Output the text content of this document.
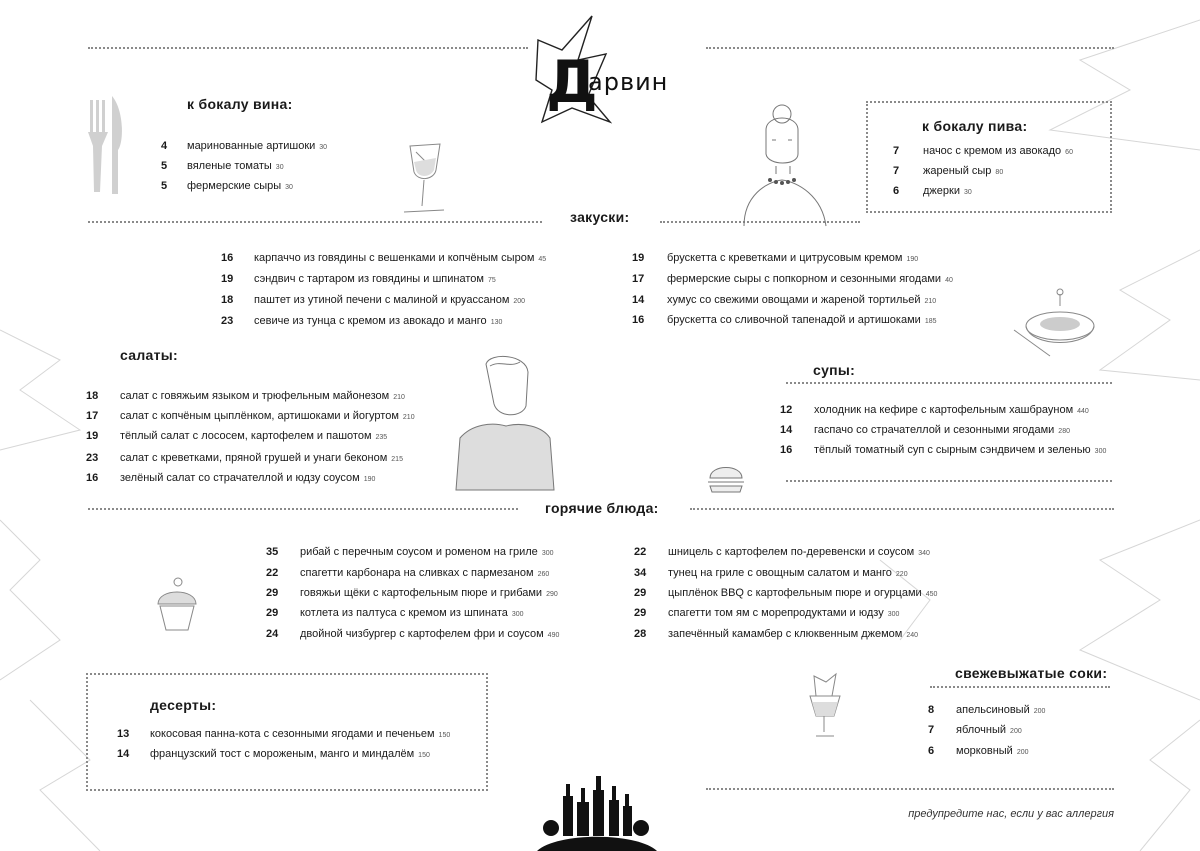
Д
арвин
к бокалу вина:
4 маринованные артишоки 30
5 вяленые томаты 30
5 фермерские сыры 30
к бокалу пива:
7 начос с кремом из авокадо 60
7 жареный сыр 80
6 джерки 30
закуски:
16 карпаччо из говядины с вешенками и копчёным сыром 45
19 сэндвич с тартаром из говядины и шпинатом 75
18 паштет из утиной печени с малиной и круассаном 200
23 севиче из тунца с кремом из авокадо и манго 130
19 брускетта с креветками и цитрусовым кремом 190
17 фермерские сыры с попкорном и сезонными ягодами 40
14 хумус со свежими овощами и жареной тортильей 210
16 брускетта со сливочной тапенадой и артишоками 185
салаты:
18 салат с говяжьим языком и трюфельным майонезом 210
17 салат с копчёным цыплёнком, артишоками и йогуртом 210
19 тёплый салат с лососем, картофелем и пашотом 235
23 салат с креветками, пряной грушей и унаги беконом 215
16 зелёный салат со страчателлой и юдзу соусом 190
супы:
12 холодник на кефире с картофельным хашбрауном 440
14 гаспачо со страчателлой и сезонными ягодами 280
16 тёплый томатный суп с сырным сэндвичем и зеленью 300
горячие блюда:
35 рибай с перечным соусом и роменом на гриле 300
22 спагетти карбонара на сливках с пармезаном 260
29 говяжьи щёки с картофельным пюре и грибами 290
29 котлета из палтуса с кремом из шпината 300
24 двойной чизбургер с картофелем фри и соусом 490
22 шницель с картофелем по-деревенски и соусом 340
34 тунец на гриле с овощным салатом и манго 220
29 цыплёнок BBQ с картофельным пюре и огурцами 450
29 спагетти том ям с морепродуктами и юдзу 300
28 запечённый камамбер с клюквенным джемом 240
десерты:
13 кокосовая панна-кота с сезонными ягодами и печеньем 150
14 французский тост с мороженым, манго и миндалём 150
свежевыжатые соки:
8 апельсиновый 200
7 яблочный 200
6 морковный 200
предупредите нас, если у вас аллергия
